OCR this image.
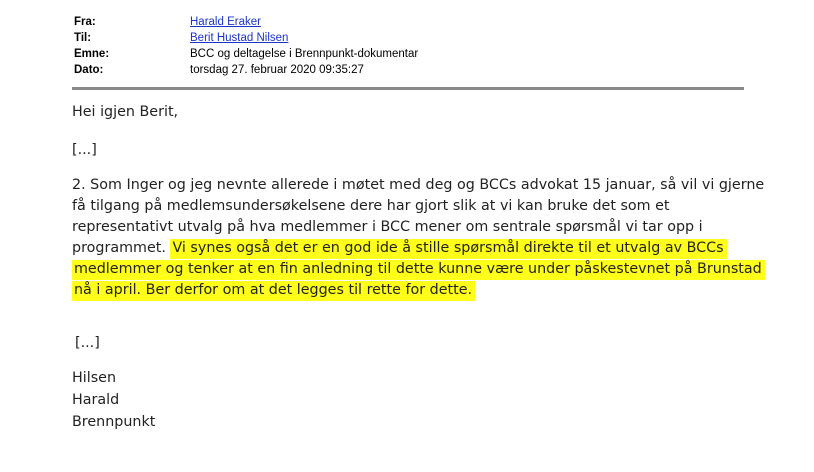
Fra:	Harald Eraker
Til:	Berit Hustad Nilsen
Emne:	BCC og deltagelse i Brennpunkt-dokumentar
Dato:	torsdag 27. februar 2020 09:35:27
Hei igjen Berit,
[...]
2. Som Inger og jeg nevnte allerede i møtet med deg og BCCs advokat 15 januar, så vil vi gjerne
få tilgang på medlemsundersøkelsene dere har gjort slik at vi kan bruke det som et
representativt utvalg på hva medlemmer i BCC mener om sentrale spørsmål vi tar opp i
programmet. Vi synes også det er en god ide å stille spørsmål direkte til et utvalg av BCCs
medlemmer og tenker at en fin anledning til dette kunne være under påskestevnet på Brunstad
nå i april. Ber derfor om at det legges til rette for dette.
[...]
Hilsen
Harald
Brennpunkt
